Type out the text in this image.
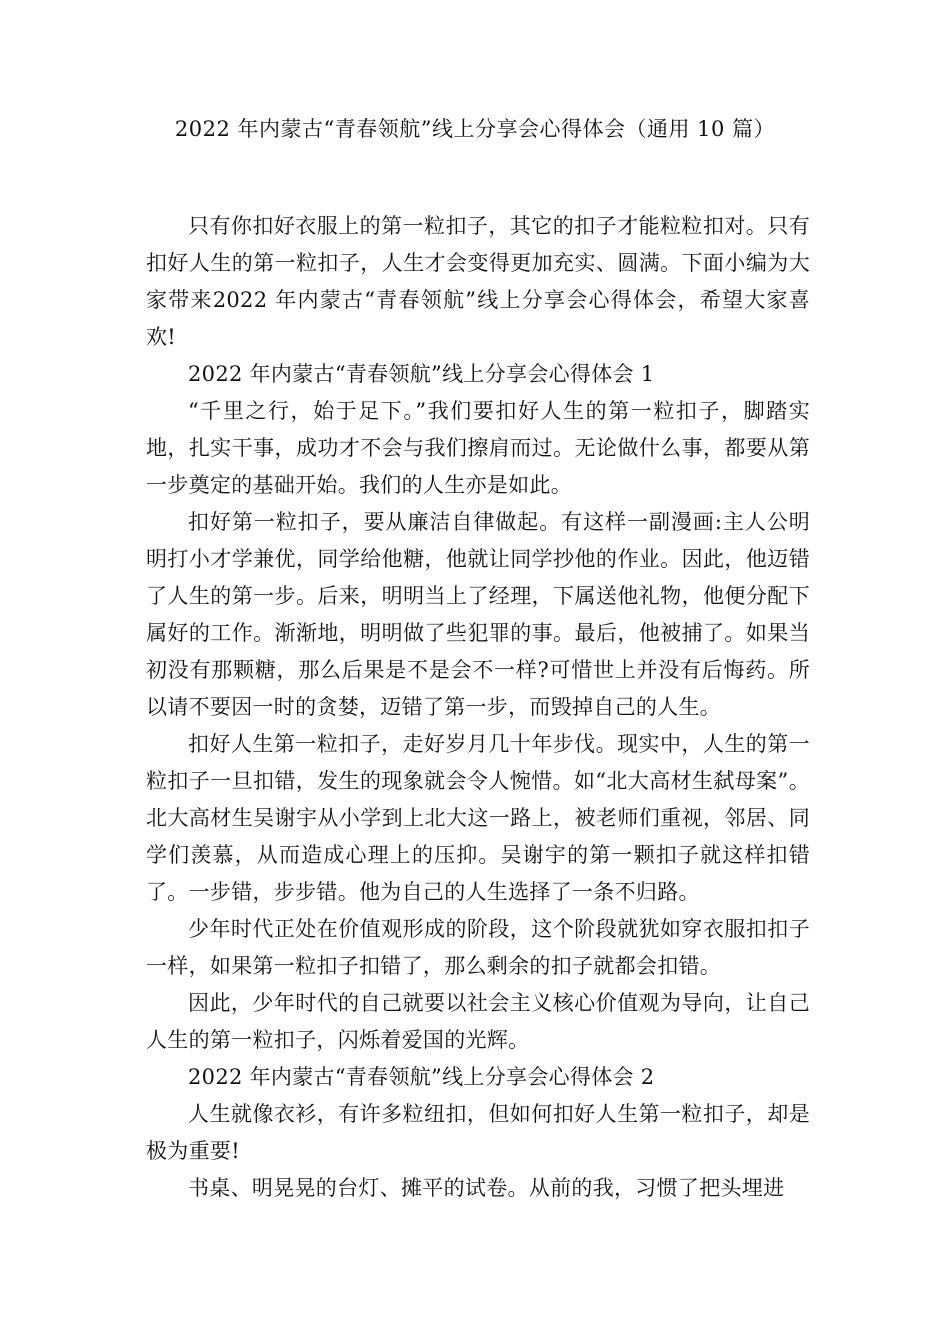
2022 年内蒙古“青春领航”线上分享会心得体会（通用 10 篇）

只有你扣好衣服上的第一粒扣子，其它的扣子才能粒粒扣对。只有扣好人生的第一粒扣子，人生才会变得更加充实、圆满。下面小编为大家带来2022 年内蒙古“青春领航”线上分享会心得体会，希望大家喜欢!

2022 年内蒙古“青春领航”线上分享会心得体会 1

“千里之行，始于足下。”我们要扣好人生的第一粒扣子，脚踏实地，扎实干事，成功才不会与我们擦肩而过。无论做什么事，都要从第一步奠定的基础开始。我们的人生亦是如此。

扣好第一粒扣子，要从廉洁自律做起。有这样一副漫画:主人公明明打小才学兼优，同学给他糖，他就让同学抄他的作业。因此，他迈错了人生的第一步。后来，明明当上了经理，下属送他礼物，他便分配下属好的工作。渐渐地，明明做了些犯罪的事。最后，他被捕了。如果当初没有那颗糖，那么后果是不是会不一样?可惜世上并没有后悔药。所以请不要因一时的贪婪，迈错了第一步，而毁掉自己的人生。

扣好人生第一粒扣子，走好岁月几十年步伐。现实中，人生的第一粒扣子一旦扣错，发生的现象就会令人惋惜。如“北大高材生弑母案”。北大高材生吴谢宇从小学到上北大这一路上，被老师们重视，邻居、同学们羡慕，从而造成心理上的压抑。吴谢宇的第一颗扣子就这样扣错了。一步错，步步错。他为自己的人生选择了一条不归路。

少年时代正处在价值观形成的阶段，这个阶段就犹如穿衣服扣扣子一样，如果第一粒扣子扣错了，那么剩余的扣子就都会扣错。

因此，少年时代的自己就要以社会主义核心价值观为导向，让自己人生的第一粒扣子，闪烁着爱国的光辉。

2022 年内蒙古“青春领航”线上分享会心得体会 2

人生就像衣衫，有许多粒纽扣，但如何扣好人生第一粒扣子，却是极为重要!

书桌、明晃晃的台灯、摊平的试卷。从前的我，习惯了把头埋进
